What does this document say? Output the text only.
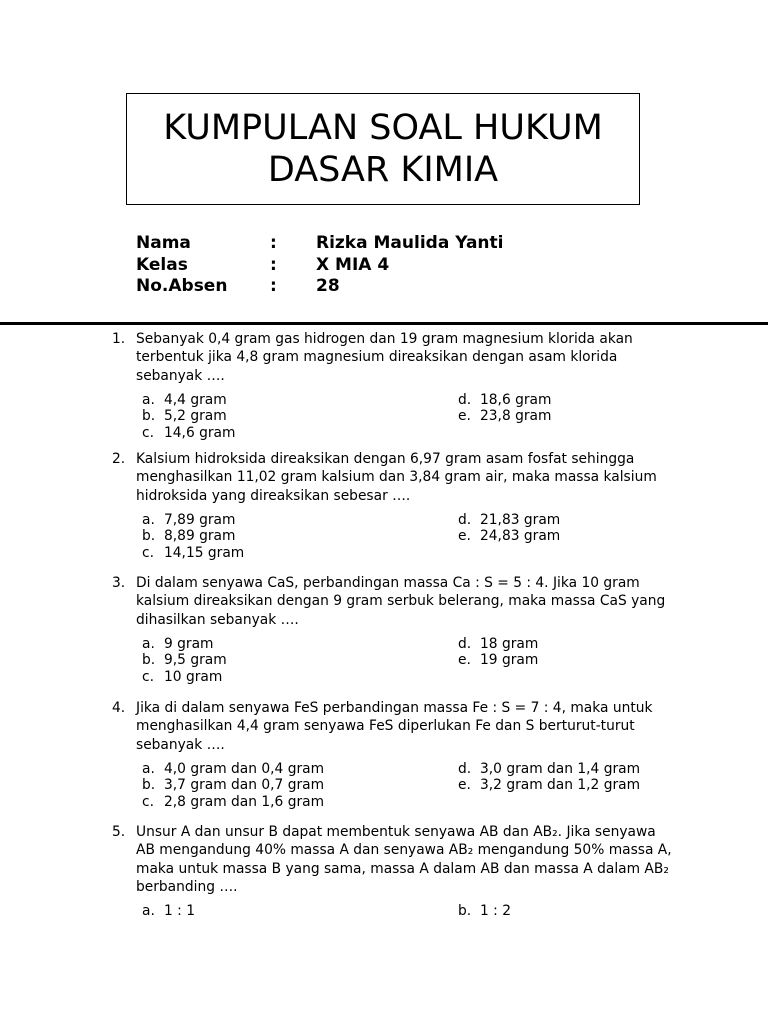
KUMPULAN SOAL HUKUM
DASAR KIMIA
Nama	:	Rizka Maulida Yanti
Kelas	:	X MIA 4
No.Absen	:	28
1. Sebanyak 0,4 gram gas hidrogen dan 19 gram magnesium klorida akan
terbentuk jika 4,8 gram magnesium direaksikan dengan asam klorida
sebanyak ….
a. 4,4 gram
b. 5,2 gram
c. 14,6 gram
d. 18,6 gram
e. 23,8 gram
2. Kalsium hidroksida direaksikan dengan 6,97 gram asam fosfat sehingga
menghasilkan 11,02 gram kalsium dan 3,84 gram air, maka massa kalsium
hidroksida yang direaksikan sebesar ….
a. 7,89 gram
b. 8,89 gram
c. 14,15 gram
d. 21,83 gram
e. 24,83 gram
3. Di dalam senyawa CaS, perbandingan massa Ca : S = 5 : 4. Jika 10 gram
kalsium direaksikan dengan 9 gram serbuk belerang, maka massa CaS yang
dihasilkan sebanyak ….
a. 9 gram
b. 9,5 gram
c. 10 gram
d. 18 gram
e. 19 gram
4. Jika di dalam senyawa FeS perbandingan massa Fe : S = 7 : 4, maka untuk
menghasilkan 4,4 gram senyawa FeS diperlukan Fe dan S berturut-turut
sebanyak ….
a. 4,0 gram dan 0,4 gram
b. 3,7 gram dan 0,7 gram
c. 2,8 gram dan 1,6 gram
d. 3,0 gram dan 1,4 gram
e. 3,2 gram dan 1,2 gram
5. Unsur A dan unsur B dapat membentuk senyawa AB dan AB₂. Jika senyawa
AB mengandung 40% massa A dan senyawa AB₂ mengandung 50% massa A,
maka untuk massa B yang sama, massa A dalam AB dan massa A dalam AB₂
berbanding ….
a. 1 : 1	b. 1 : 2
